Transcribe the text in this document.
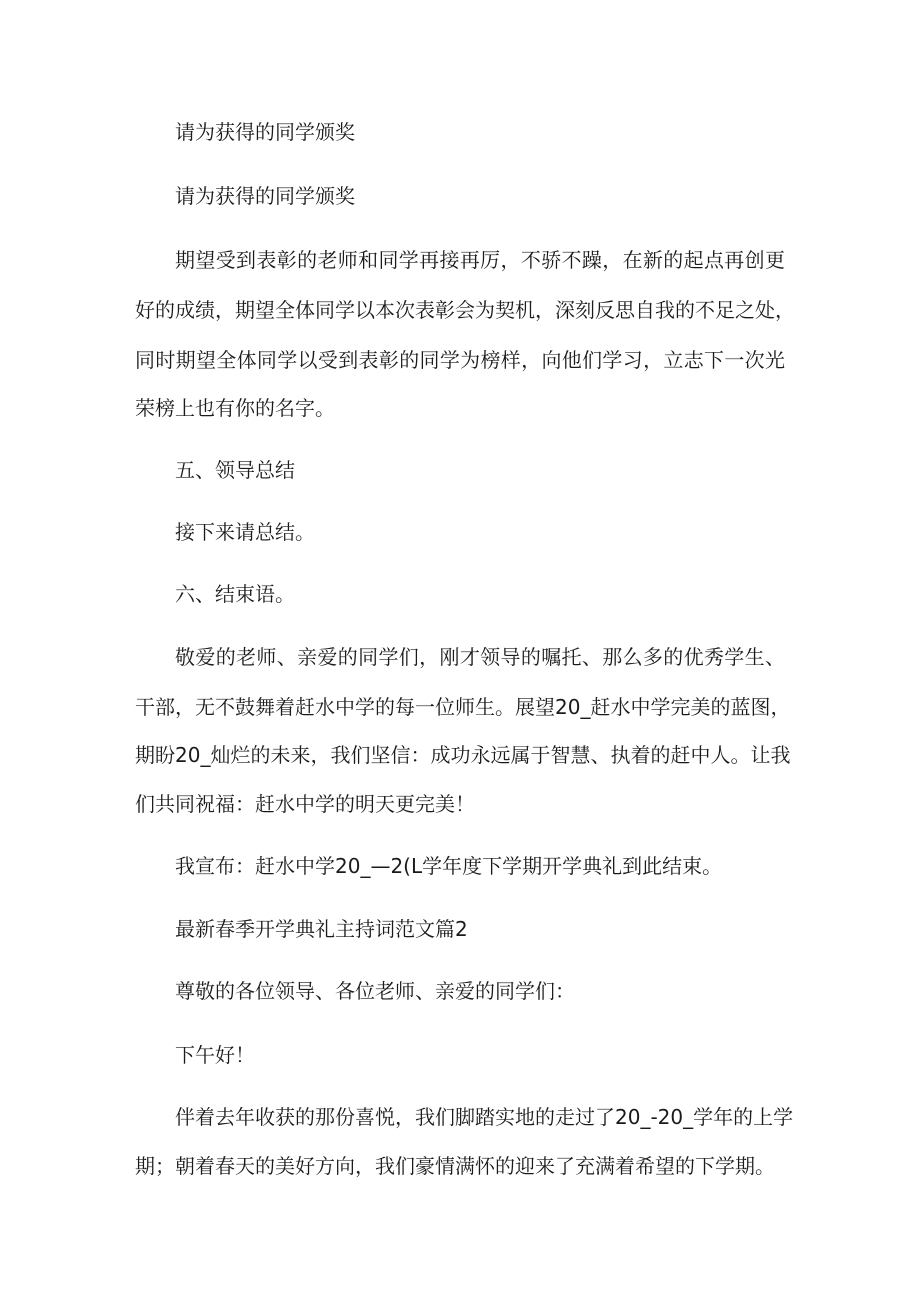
请为获得的同学颁奖
请为获得的同学颁奖
期望受到表彰的老师和同学再接再厉，不骄不躁，在新的起点再创更
好的成绩，期望全体同学以本次表彰会为契机，深刻反思自我的不足之处，
同时期望全体同学以受到表彰的同学为榜样，向他们学习，立志下一次光
荣榜上也有你的名字。
五、领导总结
接下来请总结。
六、结束语。
敬爱的老师、亲爱的同学们，刚才领导的嘱托、那么多的优秀学生、
干部，无不鼓舞着赶水中学的每一位师生。展望20_赶水中学完美的蓝图，
期盼20_灿烂的未来，我们坚信：成功永远属于智慧、执着的赶中人。让我
们共同祝福：赶水中学的明天更完美！
我宣布：赶水中学20_—2(L学年度下学期开学典礼到此结束。
最新春季开学典礼主持词范文篇2
尊敬的各位领导、各位老师、亲爱的同学们：
下午好！
伴着去年收获的那份喜悦，我们脚踏实地的走过了20_-20_学年的上学
期；朝着春天的美好方向，我们豪情满怀的迎来了充满着希望的下学期。
